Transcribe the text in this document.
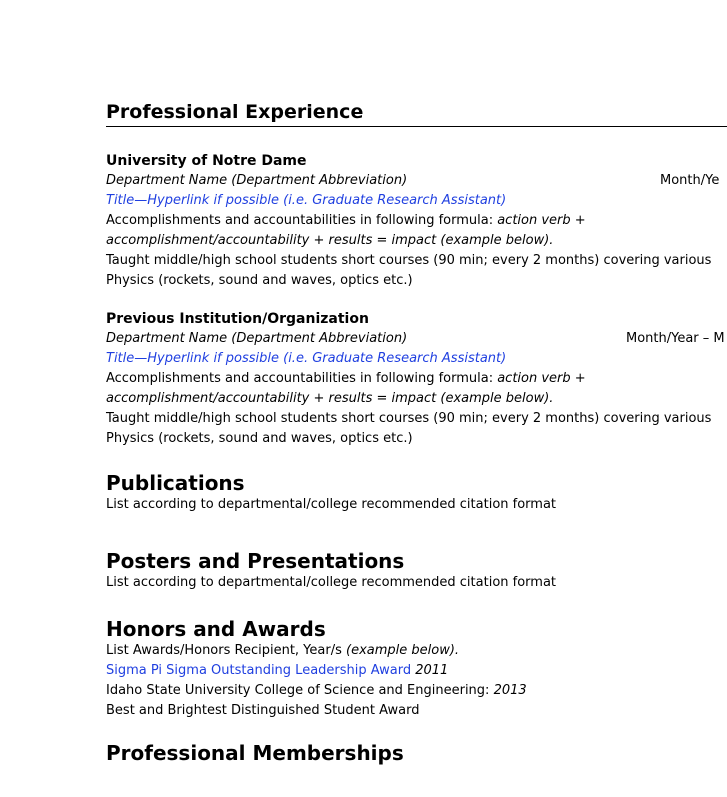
Professional Experience
University of Notre Dame
Department Name (Department Abbreviation)	Month/Ye
Title—Hyperlink if possible (i.e. Graduate Research Assistant)
Accomplishments and accountabilities in following formula: action verb +
accomplishment/accountability + results = impact (example below).
Taught middle/high school students short courses (90 min; every 2 months) covering various
Physics (rockets, sound and waves, optics etc.)
Previous Institution/Organization
Department Name (Department Abbreviation)	Month/Year – M
Title—Hyperlink if possible (i.e. Graduate Research Assistant)
Accomplishments and accountabilities in following formula: action verb +
accomplishment/accountability + results = impact (example below).
Taught middle/high school students short courses (90 min; every 2 months) covering various
Physics (rockets, sound and waves, optics etc.)
Publications
List according to departmental/college recommended citation format
Posters and Presentations
List according to departmental/college recommended citation format
Honors and Awards
List Awards/Honors Recipient, Year/s (example below).
Sigma Pi Sigma Outstanding Leadership Award 2011
Idaho State University College of Science and Engineering: 2013
Best and Brightest Distinguished Student Award
Professional Memberships
